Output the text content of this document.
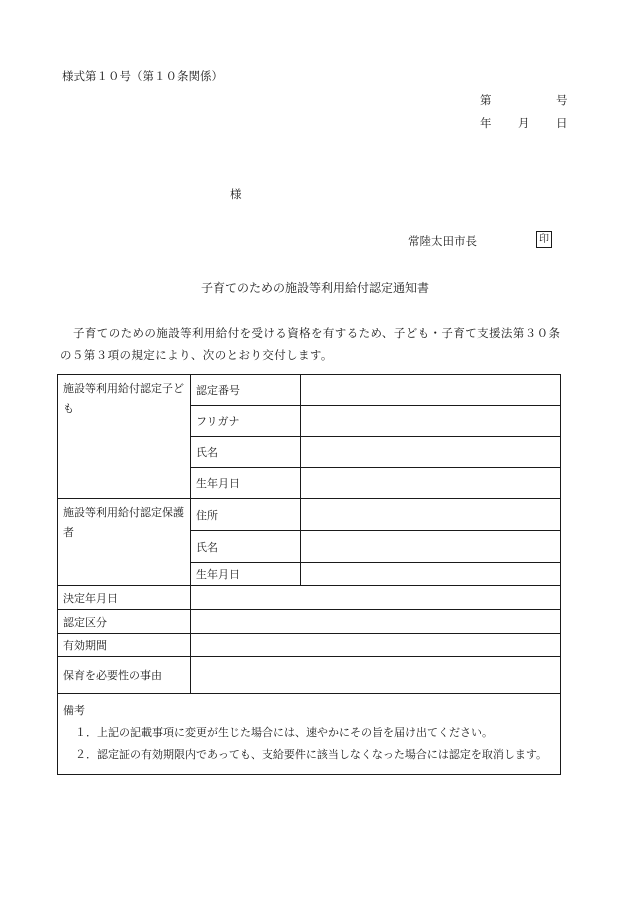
様式第１０号（第１０条関係）
第	号
年 月 日
様
常陸太田市長	印
子育てのための施設等利用給付認定通知書
子育てのための施設等利用給付を受ける資格を有するため、子ども・子育て支援法第３０条の５第３項の規定により、次のとおり交付します。
施設等利用給付認定子ども	認定番号	
	フリガナ	
	氏名	
	生年月日	
施設等利用給付認定保護者	住所	
	氏名	
	生年月日	
決定年月日		
認定区分		
有効期間		
保育を必要性の事由		

備考
１．上記の記載事項に変更が生じた場合には、速やかにその旨を届け出てください。
２．認定証の有効期限内であっても、支給要件に該当しなくなった場合には認定を取消します。		
